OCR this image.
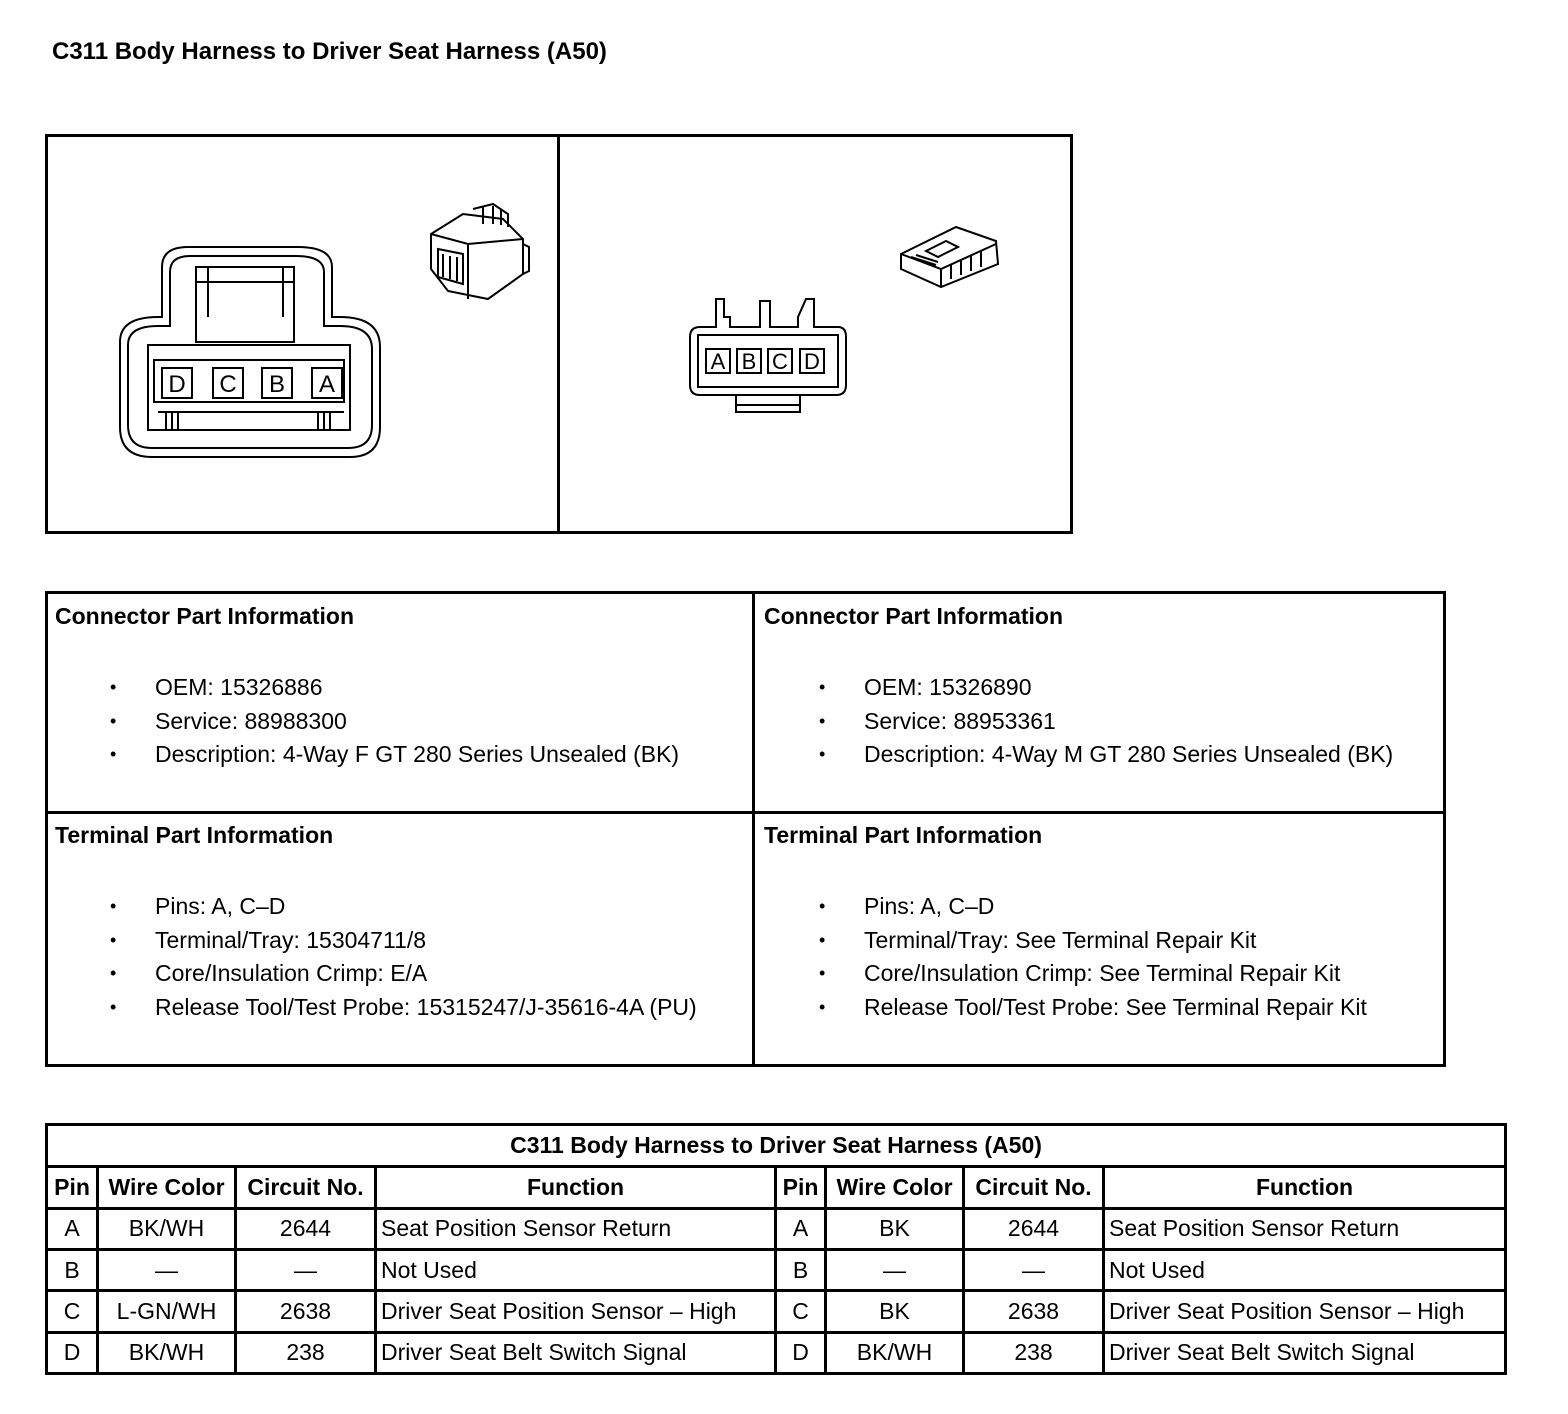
C311 Body Harness to Driver Seat Harness (A50)
D C B A
A B C D
Connector Part Information
• OEM: 15326886
• Service: 88988300
• Description: 4-Way F GT 280 Series Unsealed (BK)
Connector Part Information
• OEM: 15326890
• Service: 88953361
• Description: 4-Way M GT 280 Series Unsealed (BK)
Terminal Part Information
• Pins: A, C–D
• Terminal/Tray: 15304711/8
• Core/Insulation Crimp: E/A
• Release Tool/Test Probe: 15315247/J-35616-4A (PU)
Terminal Part Information
• Pins: A, C–D
• Terminal/Tray: See Terminal Repair Kit
• Core/Insulation Crimp: See Terminal Repair Kit
• Release Tool/Test Probe: See Terminal Repair Kit
C311 Body Harness to Driver Seat Harness (A50)							
Pin	Wire Color	Circuit No.	Function	Pin	Wire Color	Circuit No.	Function
A	BK/WH	2644	Seat Position Sensor Return	A	BK	2644	Seat Position Sensor Return
B	—	—	Not Used	B	—	—	Not Used
C	L-GN/WH	2638	Driver Seat Position Sensor – High	C	BK	2638	Driver Seat Position Sensor – High
D	BK/WH	238	Driver Seat Belt Switch Signal	D	BK/WH	238	Driver Seat Belt Switch Signal
